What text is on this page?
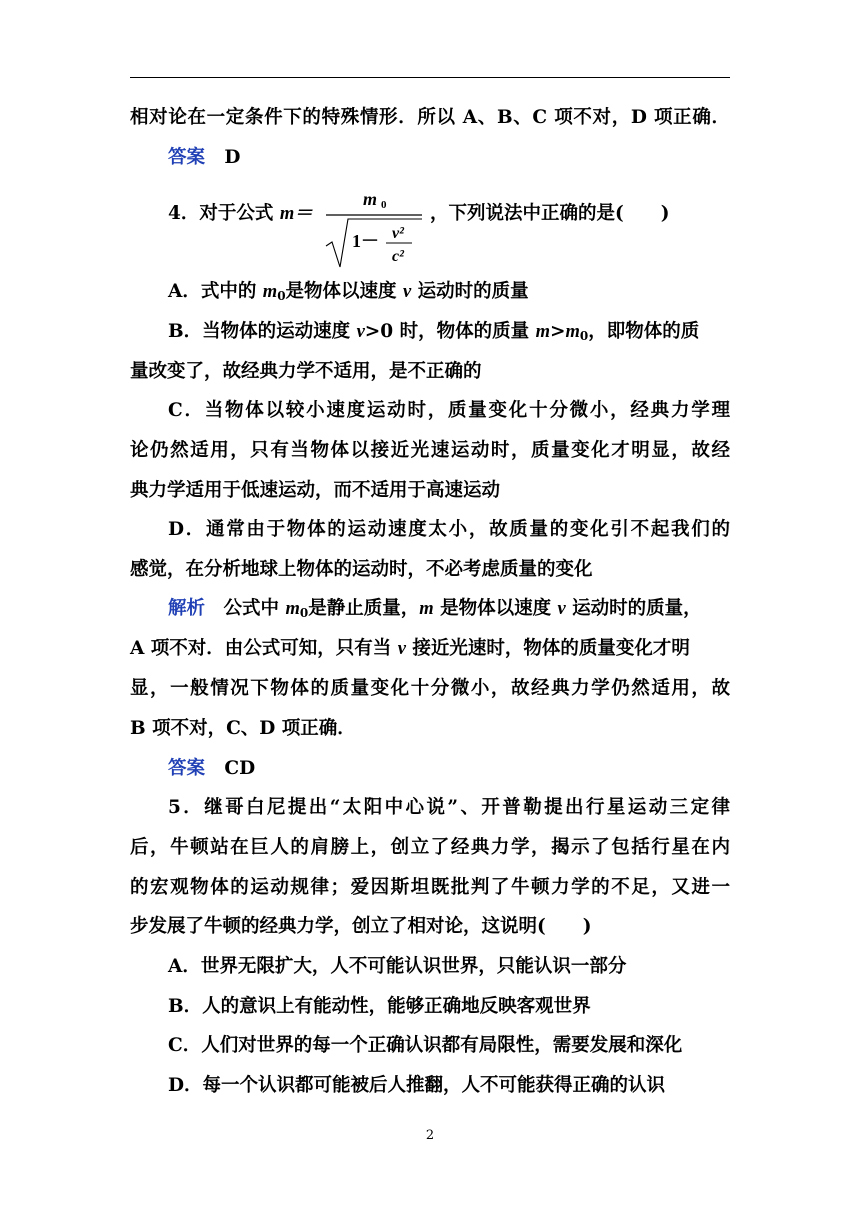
相对论在一定条件下的特殊情形．所以 A、B、C 项不对，D 项正确．
答案 D
4．对于公式 m＝
m 0
1－ v²
c²
，下列说法中正确的是(　　)
A．式中的 $m_0$是物体以速度 v 运动时的质量
B．当物体的运动速度 v>0 时，物体的质量 $m>m_0$，即物体的质
量改变了，故经典力学不适用，是不正确的
C．当物体以较小速度运动时，质量变化十分微小，经典力学理
论仍然适用，只有当物体以接近光速运动时，质量变化才明显，故经
典力学适用于低速运动，而不适用于高速运动
D．通常由于物体的运动速度太小，故质量的变化引不起我们的
感觉，在分析地球上物体的运动时，不必考虑质量的变化
解析　公式中 $m_0$是静止质量，m 是物体以速度 v 运动时的质量，
A 项不对．由公式可知，只有当 v 接近光速时，物体的质量变化才明
显，一般情况下物体的质量变化十分微小，故经典力学仍然适用，故
B 项不对，C、D 项正确．
答案 CD
5．继哥白尼提出“太阳中心说”、开普勒提出行星运动三定律
后，牛顿站在巨人的肩膀上，创立了经典力学，揭示了包括行星在内
的宏观物体的运动规律；爱因斯坦既批判了牛顿力学的不足，又进一
步发展了牛顿的经典力学，创立了相对论，这说明(　　)
A．世界无限扩大，人不可能认识世界，只能认识一部分
B．人的意识上有能动性，能够正确地反映客观世界
C．人们对世界的每一个正确认识都有局限性，需要发展和深化
D．每一个认识都可能被后人推翻，人不可能获得正确的认识
2
